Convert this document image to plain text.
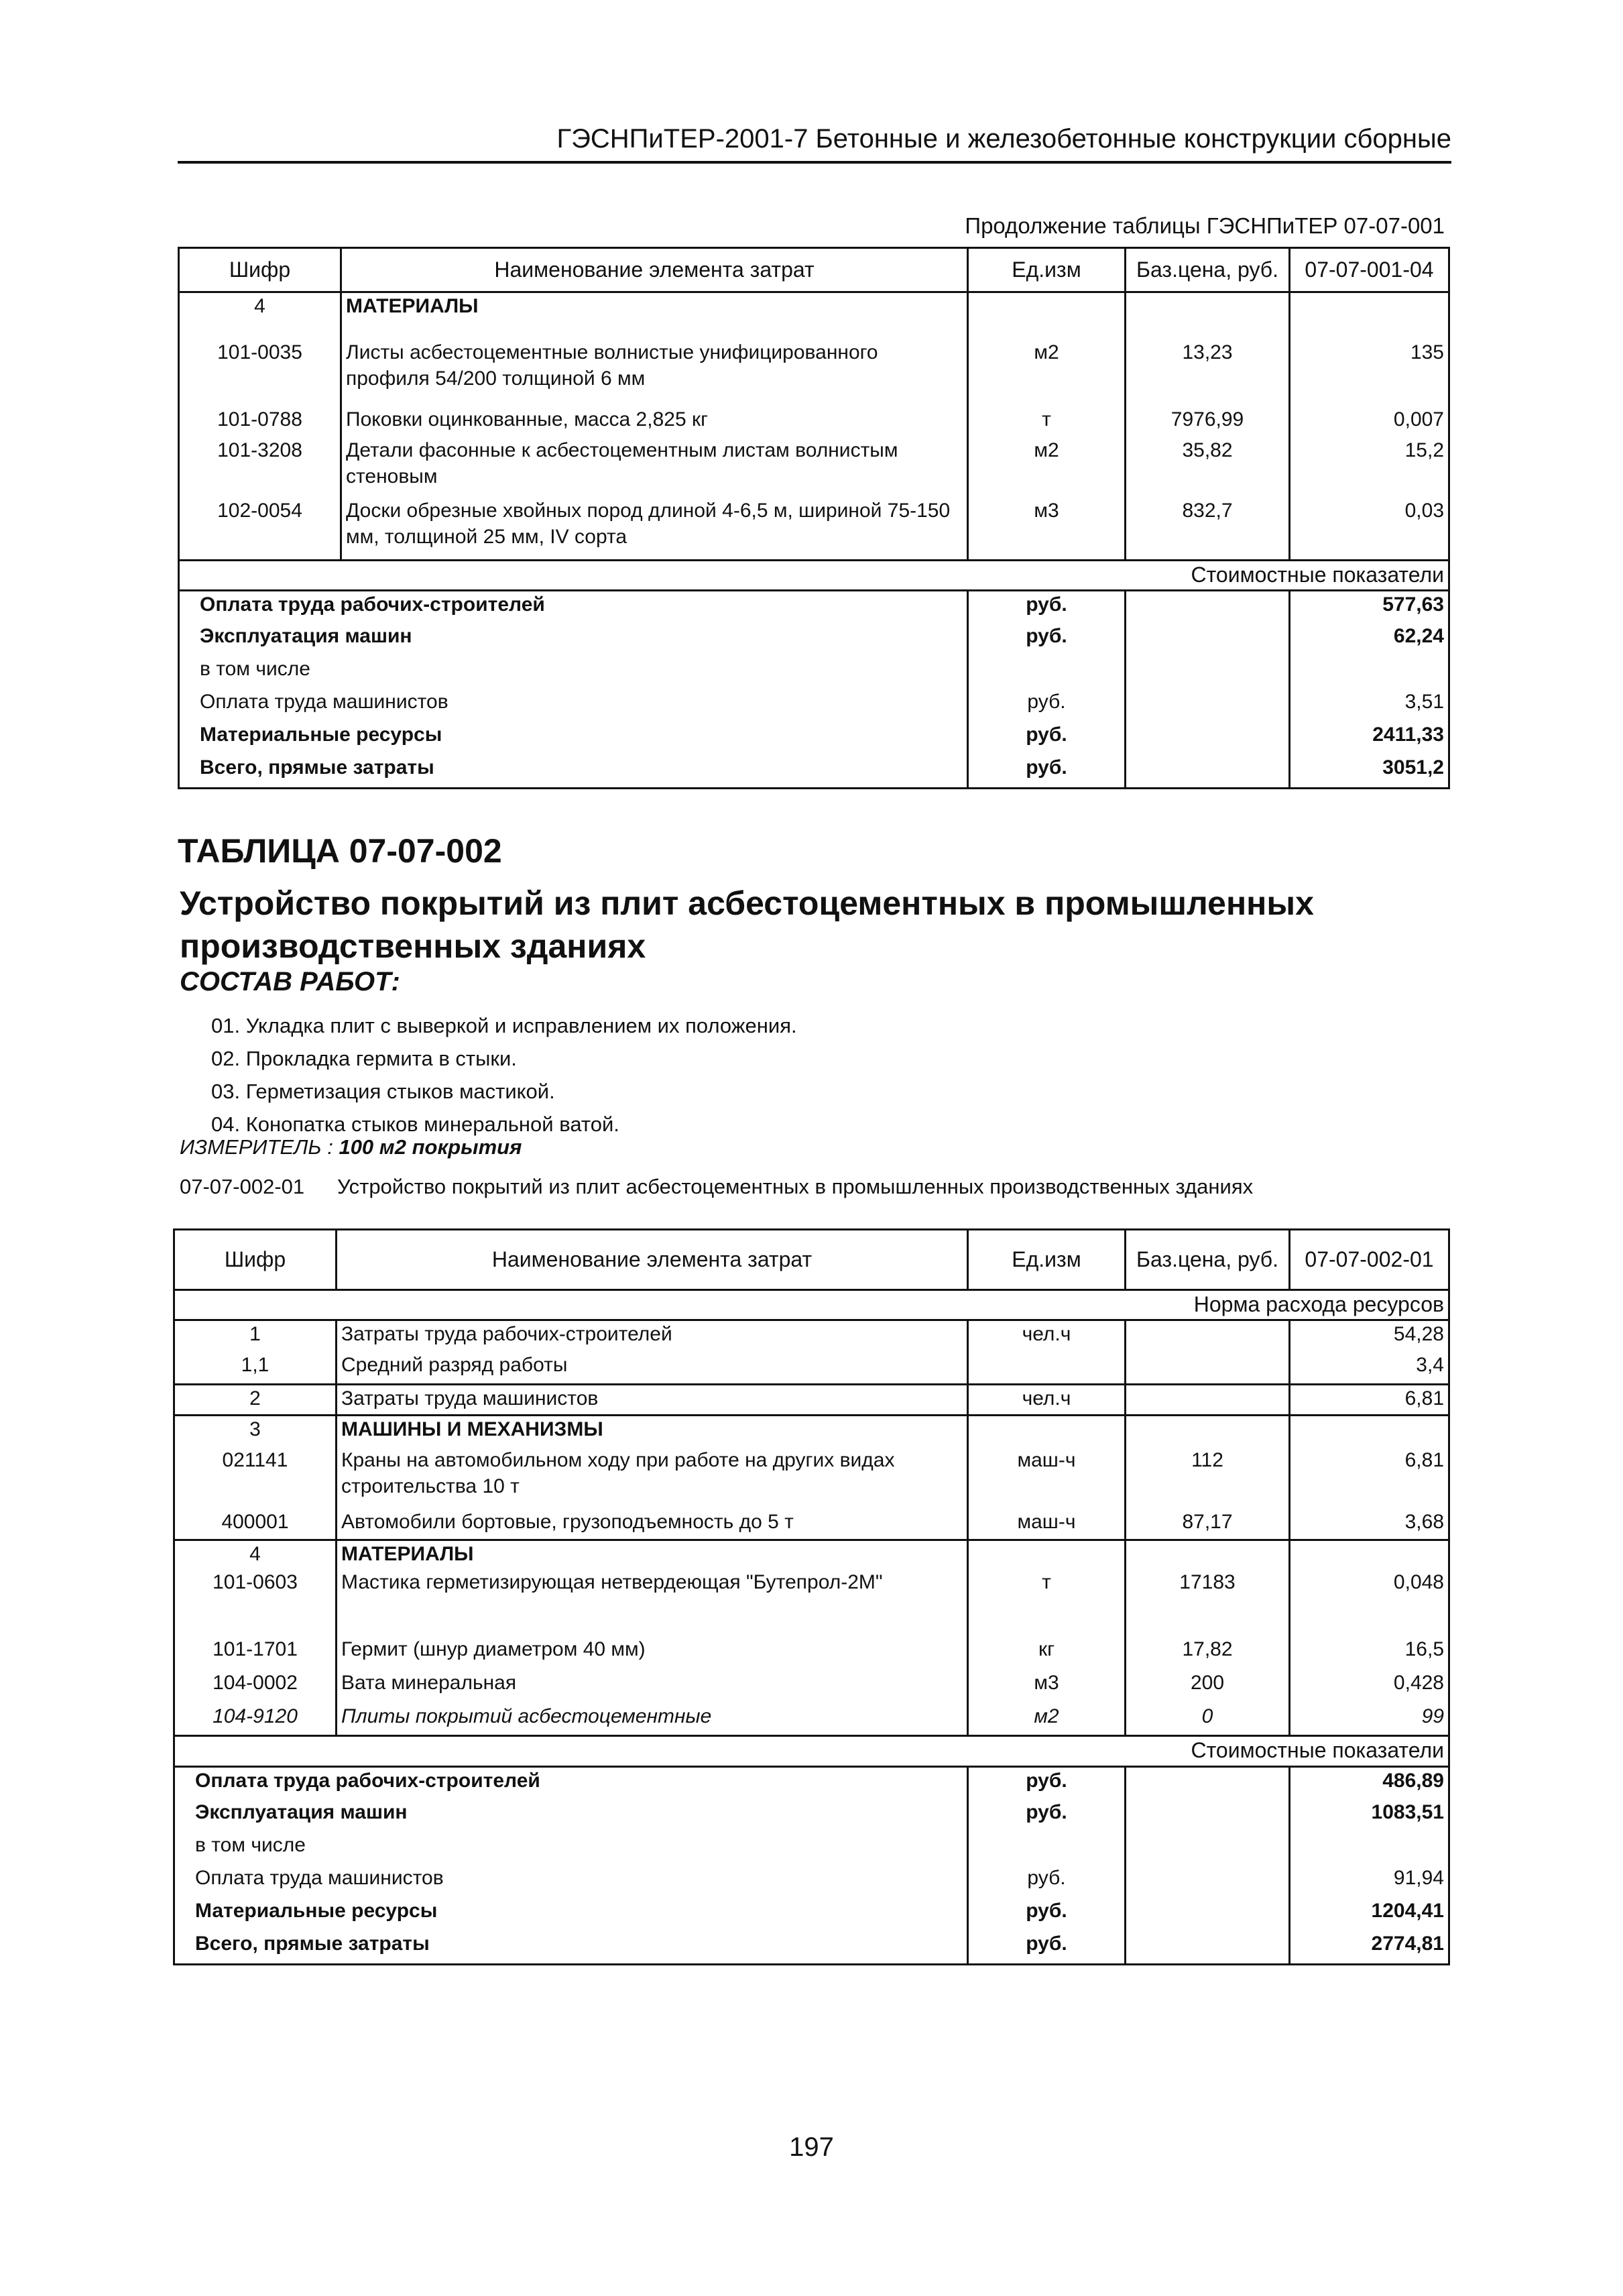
ГЭСНПиТЕР-2001-7 Бетонные и железобетонные конструкции сборные
Продолжение таблицы ГЭСНПиТЕР 07-07-001
Шифр	Наименование элемента затрат	Ед.изм	Баз.цена, руб.	07-07-001-04
4	МАТЕРИАЛЫ			
101-0035	Листы асбестоцементные волнистые унифицированного профиля 54/200 толщиной 6 мм	м2	13,23	135
101-0788	Поковки оцинкованные, масса 2,825 кг	т	7976,99	0,007
101-3208	Детали фасонные к асбестоцементным листам волнистым стеновым	м2	35,82	15,2
102-0054	Доски обрезные хвойных пород длиной 4-6,5 м, шириной 75-150 мм, толщиной 25 мм, IV сорта	м3	832,7	0,03
Стоимостные показатели				
Оплата труда рабочих-строителей		руб.		577,63
Эксплуатация машин		руб.		62,24
в том числе				
Оплата труда машинистов		руб.		3,51
Материальные ресурсы		руб.		2411,33
Всего, прямые затраты		руб.		3051,2
ТАБЛИЦА 07-07-002
Устройство покрытий из плит асбестоцементных в промышленных производственных зданиях
СОСТАВ РАБОТ:
01. Укладка плит с выверкой и исправлением их положения.
02. Прокладка гермита в стыки.
03. Герметизация стыков мастикой.
04. Конопатка стыков минеральной ватой.
ИЗМЕРИТЕЛЬ : 100 м2 покрытия
07-07-002-01 Устройство покрытий из плит асбестоцементных в промышленных производственных зданиях
Шифр	Наименование элемента затрат	Ед.изм	Баз.цена, руб.	07-07-002-01
Норма расхода ресурсов				
1	Затраты труда рабочих-строителей	чел.ч		54,28
1,1	Средний разряд работы			3,4
2	Затраты труда машинистов	чел.ч		6,81
3	МАШИНЫ И МЕХАНИЗМЫ			
021141	Краны на автомобильном ходу при работе на других видах строительства 10 т	маш-ч	112	6,81
400001	Автомобили бортовые, грузоподъемность до 5 т	маш-ч	87,17	3,68
4	МАТЕРИАЛЫ			
101-0603	Мастика герметизирующая нетвердеющая "Бутепрол-2М"	т	17183	0,048
101-1701	Гермит (шнур диаметром 40 мм)	кг	17,82	16,5
104-0002	Вата минеральная	м3	200	0,428
104-9120	Плиты покрытий асбестоцементные	м2	0	99
Стоимостные показатели				
Оплата труда рабочих-строителей		руб.		486,89
Эксплуатация машин		руб.		1083,51
в том числе				
Оплата труда машинистов		руб.		91,94
Материальные ресурсы		руб.		1204,41
Всего, прямые затраты		руб.		2774,81
197
